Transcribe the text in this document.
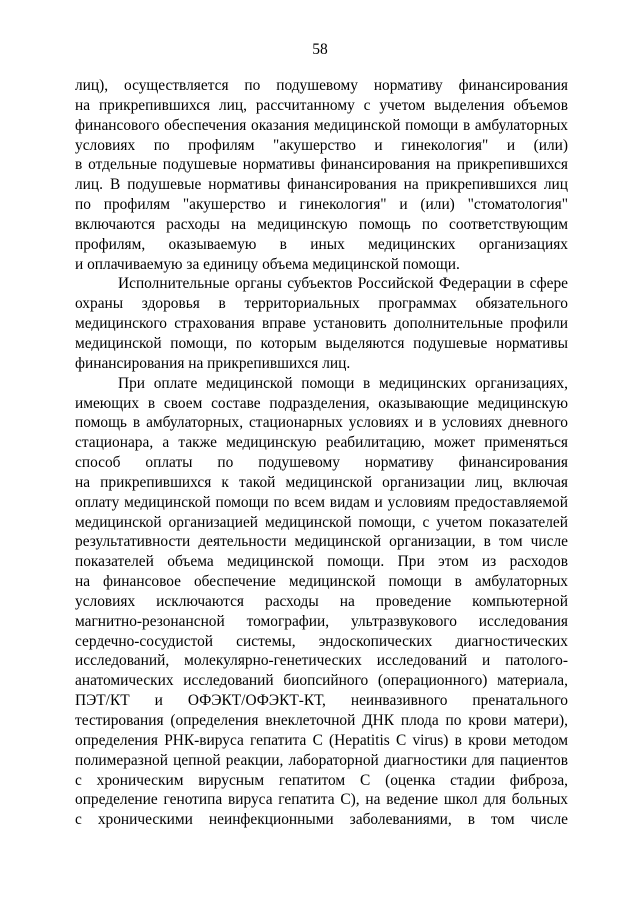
58

лиц), осуществляется по подушевому нормативу финансирования
на прикрепившихся лиц, рассчитанному с учетом выделения объемов
финансового обеспечения оказания медицинской помощи в амбулаторных
условиях по профилям "акушерство и гинекология" и (или)
в отдельные подушевые нормативы финансирования на прикрепившихся
лиц. В подушевые нормативы финансирования на прикрепившихся лиц
по профилям "акушерство и гинекология" и (или) "стоматология"
включаются расходы на медицинскую помощь по соответствующим
профилям, оказываемую в иных медицинских организациях
и оплачиваемую за единицу объема медицинской помощи.

Исполнительные органы субъектов Российской Федерации в сфере
охраны здоровья в территориальных программах обязательного
медицинского страхования вправе установить дополнительные профили
медицинской помощи, по которым выделяются подушевые нормативы
финансирования на прикрепившихся лиц.

При оплате медицинской помощи в медицинских организациях,
имеющих в своем составе подразделения, оказывающие медицинскую
помощь в амбулаторных, стационарных условиях и в условиях дневного
стационара, а также медицинскую реабилитацию, может применяться
способ оплаты по подушевому нормативу финансирования
на прикрепившихся к такой медицинской организации лиц, включая
оплату медицинской помощи по всем видам и условиям предоставляемой
медицинской организацией медицинской помощи, с учетом показателей
результативности деятельности медицинской организации, в том числе
показателей объема медицинской помощи. При этом из расходов
на финансовое обеспечение медицинской помощи в амбулаторных
условиях исключаются расходы на проведение компьютерной
магнитно-резонансной томографии, ультразвукового исследования
сердечно-сосудистой системы, эндоскопических диагностических
исследований, молекулярно-генетических исследований и патолого-
анатомических исследований биопсийного (операционного) материала,
ПЭТ/КТ и ОФЭКТ/ОФЭКТ-КТ, неинвазивного пренатального
тестирования (определения внеклеточной ДНК плода по крови матери),
определения РНК-вируса гепатита С (Hepatitis C virus) в крови методом
полимеразной цепной реакции, лабораторной диагностики для пациентов
с хроническим вирусным гепатитом С (оценка стадии фиброза,
определение генотипа вируса гепатита С), на ведение школ для больных
с хроническими неинфекционными заболеваниями, в том числе
